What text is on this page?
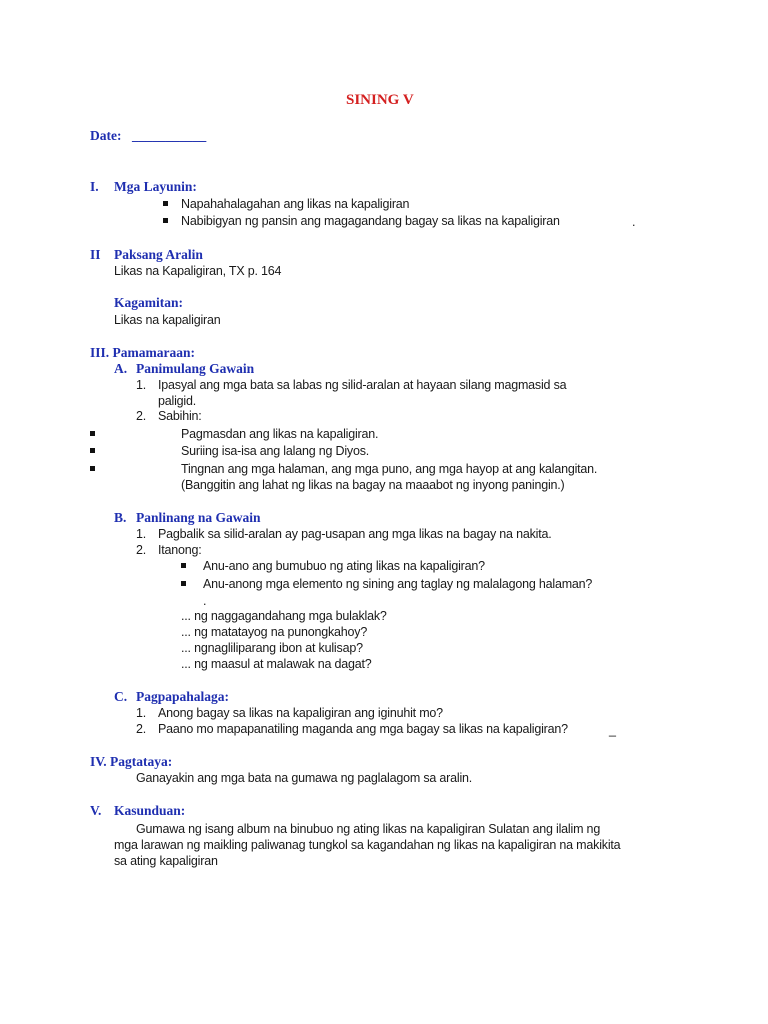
SINING V
Date: ___________
I. Mga Layunin:
Napahahalagahan ang likas na kapaligiran
Nabibigyan ng pansin ang magagandang bagay sa likas na kapaligiran	.
II Paksang Aralin
Likas na Kapaligiran, TX p. 164
Kagamitan:
Likas na kapaligiran
III. Pamamaraan:
A. Panimulang Gawain
1. Ipasyal ang mga bata sa labas ng silid-aralan at hayaan silang magmasid sa
paligid.
2. Sabihin:
Pagmasdan ang likas na kapaligiran.
Suriing isa-isa ang lalang ng Diyos.
Tingnan ang mga halaman, ang mga puno, ang mga hayop at ang kalangitan.
(Banggitin ang lahat ng likas na bagay na maaabot ng inyong paningin.)
B. Panlinang na Gawain
1. Pagbalik sa silid-aralan ay pag-usapan ang mga likas na bagay na nakita.
2. Itanong:
Anu-ano ang bumubuo ng ating likas na kapaligiran?
Anu-anong mga elemento ng sining ang taglay ng malalagong halaman?
.
... ng naggagandahang mga bulaklak?
... ng matatayog na punongkahoy?
... ngnagliliparang ibon at kulisap?
... ng maasul at malawak na dagat?
C. Pagpapahalaga:
1. Anong bagay sa likas na kapaligiran ang iginuhit mo?
2. Paano mo mapapanatiling maganda ang mga bagay sa likas na kapaligiran?	_
IV. Pagtataya:
Ganayakin ang mga bata na gumawa ng paglalagom sa aralin.
V. Kasunduan:
Gumawa ng isang album na binubuo ng ating likas na kapaligiran Sulatan ang ilalim ng
mga larawan ng maikling paliwanag tungkol sa kagandahan ng likas na kapaligiran na makikita
sa ating kapaligiran
